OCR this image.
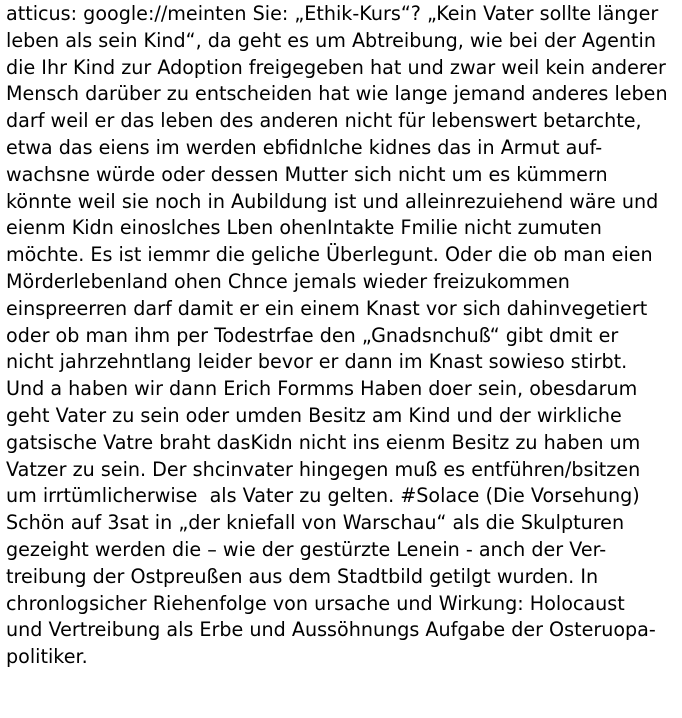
atticus: google://meinten Sie: „Ethik-Kurs“? „Kein Vater sollte länger
leben als sein Kind“, da geht es um Abtreibung, wie bei der Agentin
die Ihr Kind zur Adoption freigegeben hat und zwar weil kein anderer
Mensch darüber zu entscheiden hat wie lange jemand anderes leben
darf weil er das leben des anderen nicht für lebenswert betarchte,
etwa das eiens im werden ebfidnlche kidnes das in Armut auf-
wachsne würde oder dessen Mutter sich nicht um es kümmern
könnte weil sie noch in Aubildung ist und alleinrezuiehend wäre und
eienm Kidn einoslches Lben ohenIntakte Fmilie nicht zumuten
möchte. Es ist iemmr die geliche Überlegunt. Oder die ob man eien
Mörderlebenland ohen Chnce jemals wieder freizukommen
einspreerren darf damit er ein einem Knast vor sich dahinvegetiert
oder ob man ihm per Todestrfae den „Gnadsnchuß“ gibt dmit er
nicht jahrzehntlang leider bevor er dann im Knast sowieso stirbt.
Und a haben wir dann Erich Formms Haben doer sein, obesdarum
geht Vater zu sein oder umden Besitz am Kind und der wirkliche
gatsische Vatre braht dasKidn nicht ins eienm Besitz zu haben um
Vatzer zu sein. Der shcinvater hingegen muß es entführen/bsitzen
um irrtümlicherwise  als Vater zu gelten. #Solace (Die Vorsehung)
Schön auf 3sat in „der kniefall von Warschau“ als die Skulpturen
gezeight werden die – wie der gestürzte Lenein - anch der Ver-
treibung der Ostpreußen aus dem Stadtbild getilgt wurden. In
chronlogsicher Riehenfolge von ursache und Wirkung: Holocaust
und Vertreibung als Erbe und Aussöhnungs Aufgabe der Osteruopa-
politiker.
